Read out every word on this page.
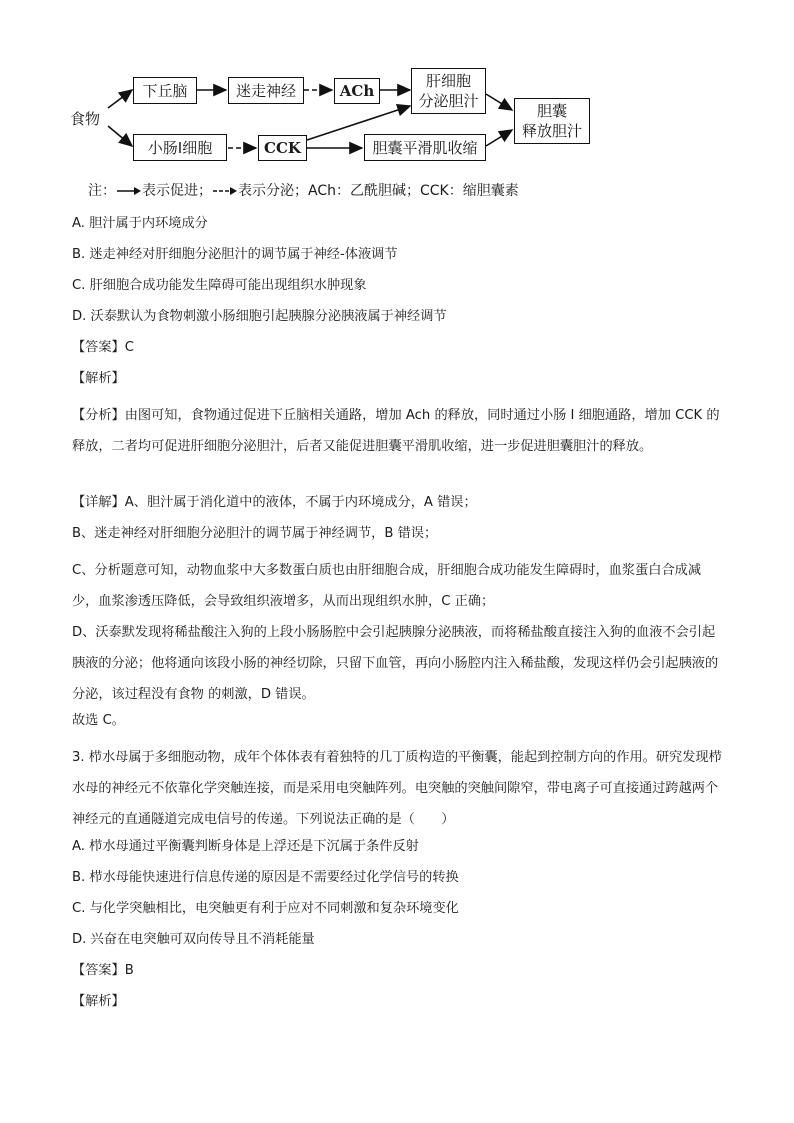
食物
下丘脑	迷走神经	ACh
肝细胞
分泌胆汁
胆囊
释放胆汁
小肠Ⅰ细胞	CCK	胆囊平滑肌收缩
注： 表示促进； 表示分泌；ACh：乙酰胆碱；CCK：缩胆囊素
A. 胆汁属于内环境成分
B. 迷走神经对肝细胞分泌胆汁的调节属于神经-体液调节
C. 肝细胞合成功能发生障碍可能出现组织水肿现象
D. 沃泰默认为食物刺激小肠细胞引起胰腺分泌胰液属于神经调节
【答案】C
【解析】
【分析】由图可知，食物通过促进下丘脑相关通路，增加 Ach 的释放，同时通过小肠 I 细胞通路，增加 CCK 的释放，二者均可促进肝细胞分泌胆汁，后者又能促进胆囊平滑肌收缩，进一步促进胆囊胆汁的释放。
【详解】A、胆汁属于消化道中的液体，不属于内环境成分，A 错误；
B、迷走神经对肝细胞分泌胆汁的调节属于神经调节，B 错误；
C、分析题意可知，动物血浆中大多数蛋白质也由肝细胞合成，肝细胞合成功能发生障碍时，血浆蛋白合成减少，血浆渗透压降低，会导致组织液增多，从而出现组织水肿，C 正确；
D、沃泰默发现将稀盐酸注入狗的上段小肠肠腔中会引起胰腺分泌胰液，而将稀盐酸直接注入狗的血液不会引起胰液的分泌；他将通向该段小肠的神经切除，只留下血管，再向小肠腔内注入稀盐酸，发现这样仍会引起胰液的分泌，该过程没有食物 的刺激，D 错误。
故选 C。
3. 栉水母属于多细胞动物，成年个体体表有着独特的几丁质构造的平衡囊，能起到控制方向的作用。研究发现栉水母的神经元不依靠化学突触连接，而是采用电突触阵列。电突触的突触间隙窄，带电离子可直接通过跨越两个神经元的直通隧道完成电信号的传递。下列说法正确的是（　　）
A. 栉水母通过平衡囊判断身体是上浮还是下沉属于条件反射
B. 栉水母能快速进行信息传递的原因是不需要经过化学信号的转换
C. 与化学突触相比，电突触更有利于应对不同刺激和复杂环境变化
D. 兴奋在电突触可双向传导且不消耗能量
【答案】B
【解析】
